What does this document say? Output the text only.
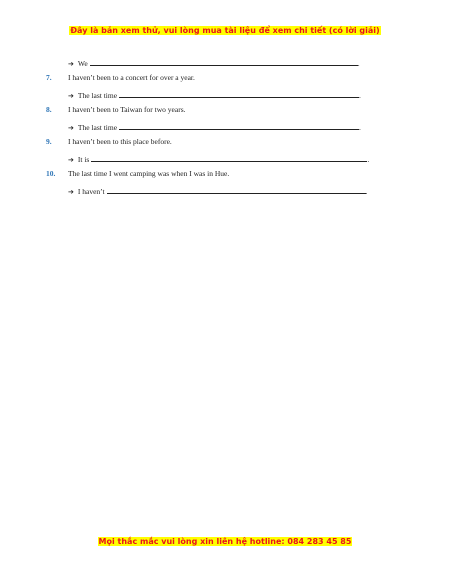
Đây là bản xem thử, vui lòng mua tài liệu để xem chi tiết (có lời giải)
➔ We	.
7.	I haven’t been to a concert for over a year.
➔ The last time	.
8.	I haven’t been to Taiwan for two years.
➔ The last time	.
9.	I haven’t been to this place before.
➔ It is	.
10.	The last time I went camping was when I was in Hue.
➔ I haven’t	.
Mọi thắc mắc vui lòng xin liên hệ hotline: 084 283 45 85
